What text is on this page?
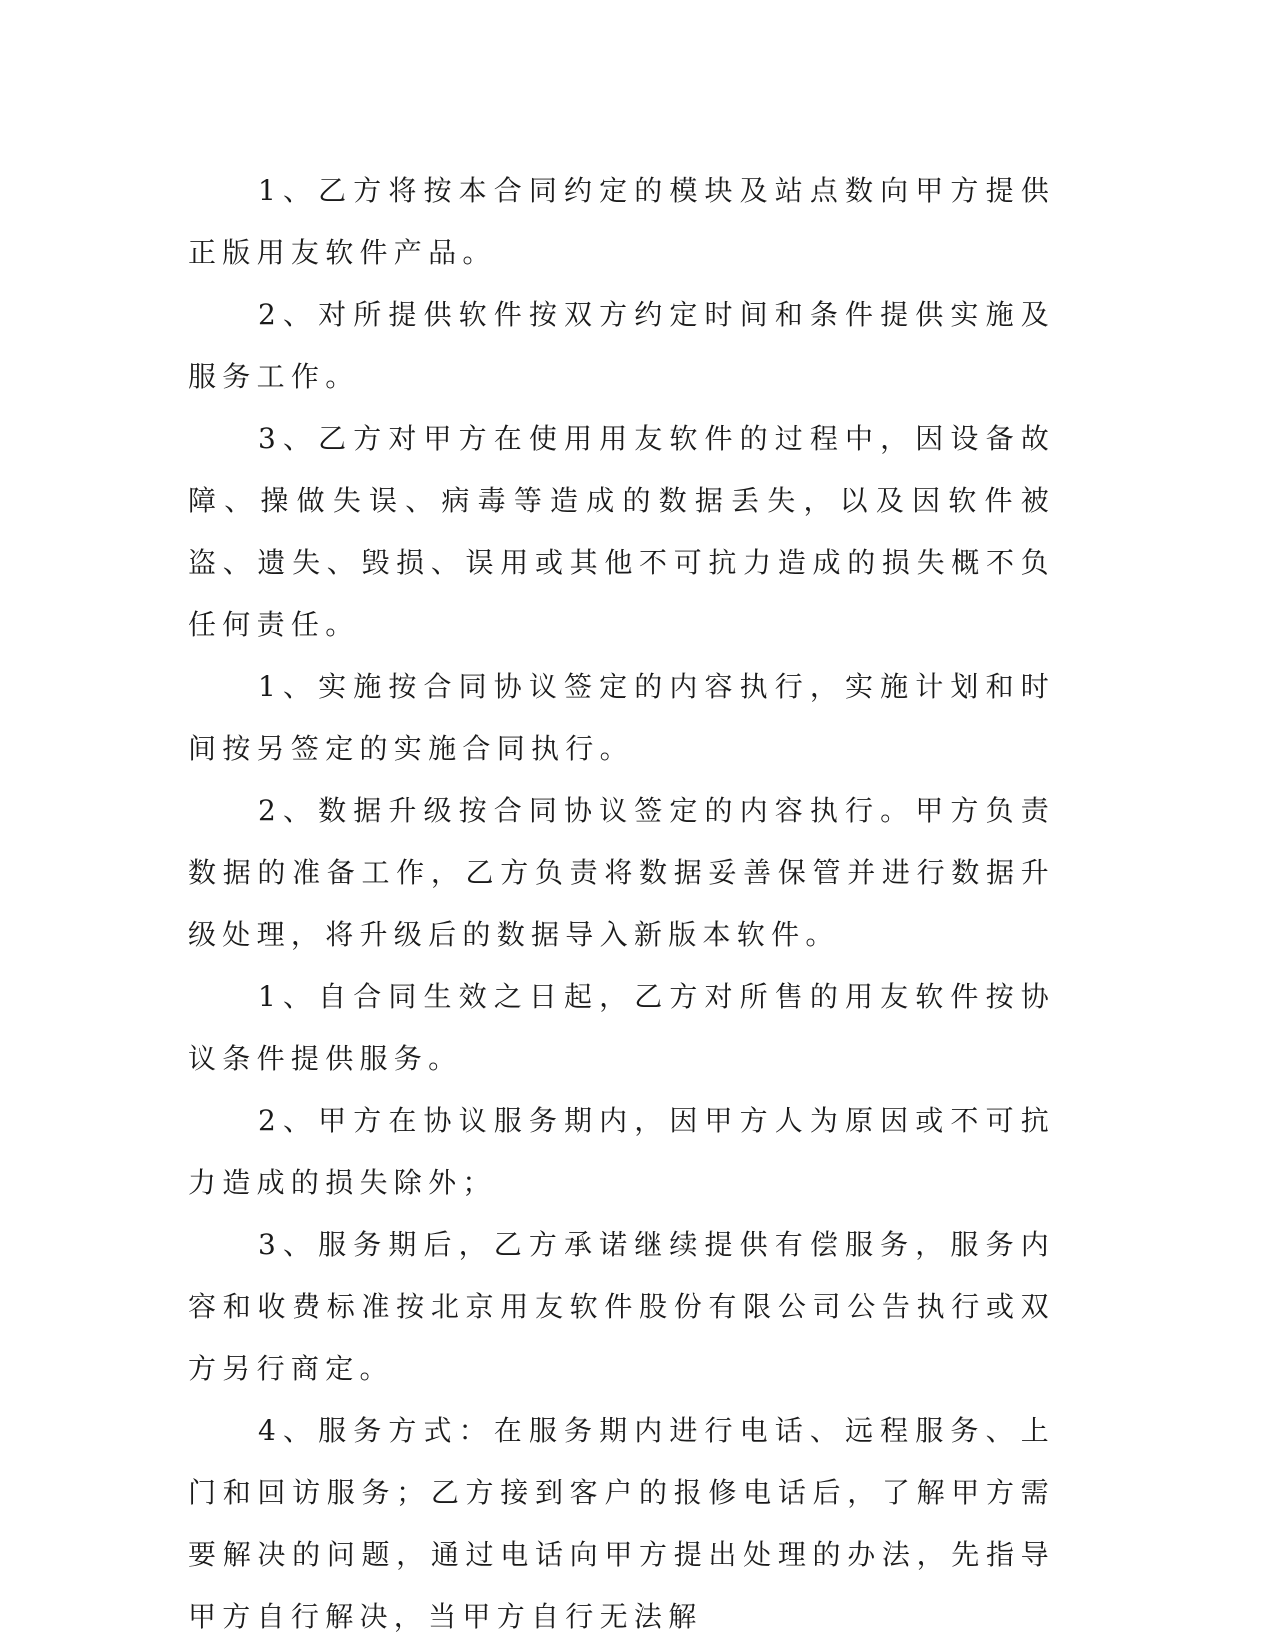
1、乙方将按本合同约定的模块及站点数向甲方提供正版用友软件产品。

2、对所提供软件按双方约定时间和条件提供实施及服务工作。

3、乙方对甲方在使用用友软件的过程中，因设备故障、操做失误、病毒等造成的数据丢失，以及因软件被盗、遗失、毁损、误用或其他不可抗力造成的损失概不负任何责任。

1、实施按合同协议签定的内容执行，实施计划和时间按另签定的实施合同执行。

2、数据升级按合同协议签定的内容执行。甲方负责数据的准备工作，乙方负责将数据妥善保管并进行数据升级处理，将升级后的数据导入新版本软件。

1、自合同生效之日起，乙方对所售的用友软件按协议条件提供服务。

2、甲方在协议服务期内，因甲方人为原因或不可抗力造成的损失除外；

3、服务期后，乙方承诺继续提供有偿服务，服务内容和收费标准按北京用友软件股份有限公司公告执行或双方另行商定。

4、服务方式：在服务期内进行电话、远程服务、上门和回访服务；乙方接到客户的报修电话后，了解甲方需要解决的问题，通过电话向甲方提出处理的办法，先指导甲方自行解决，当甲方自行无法解
